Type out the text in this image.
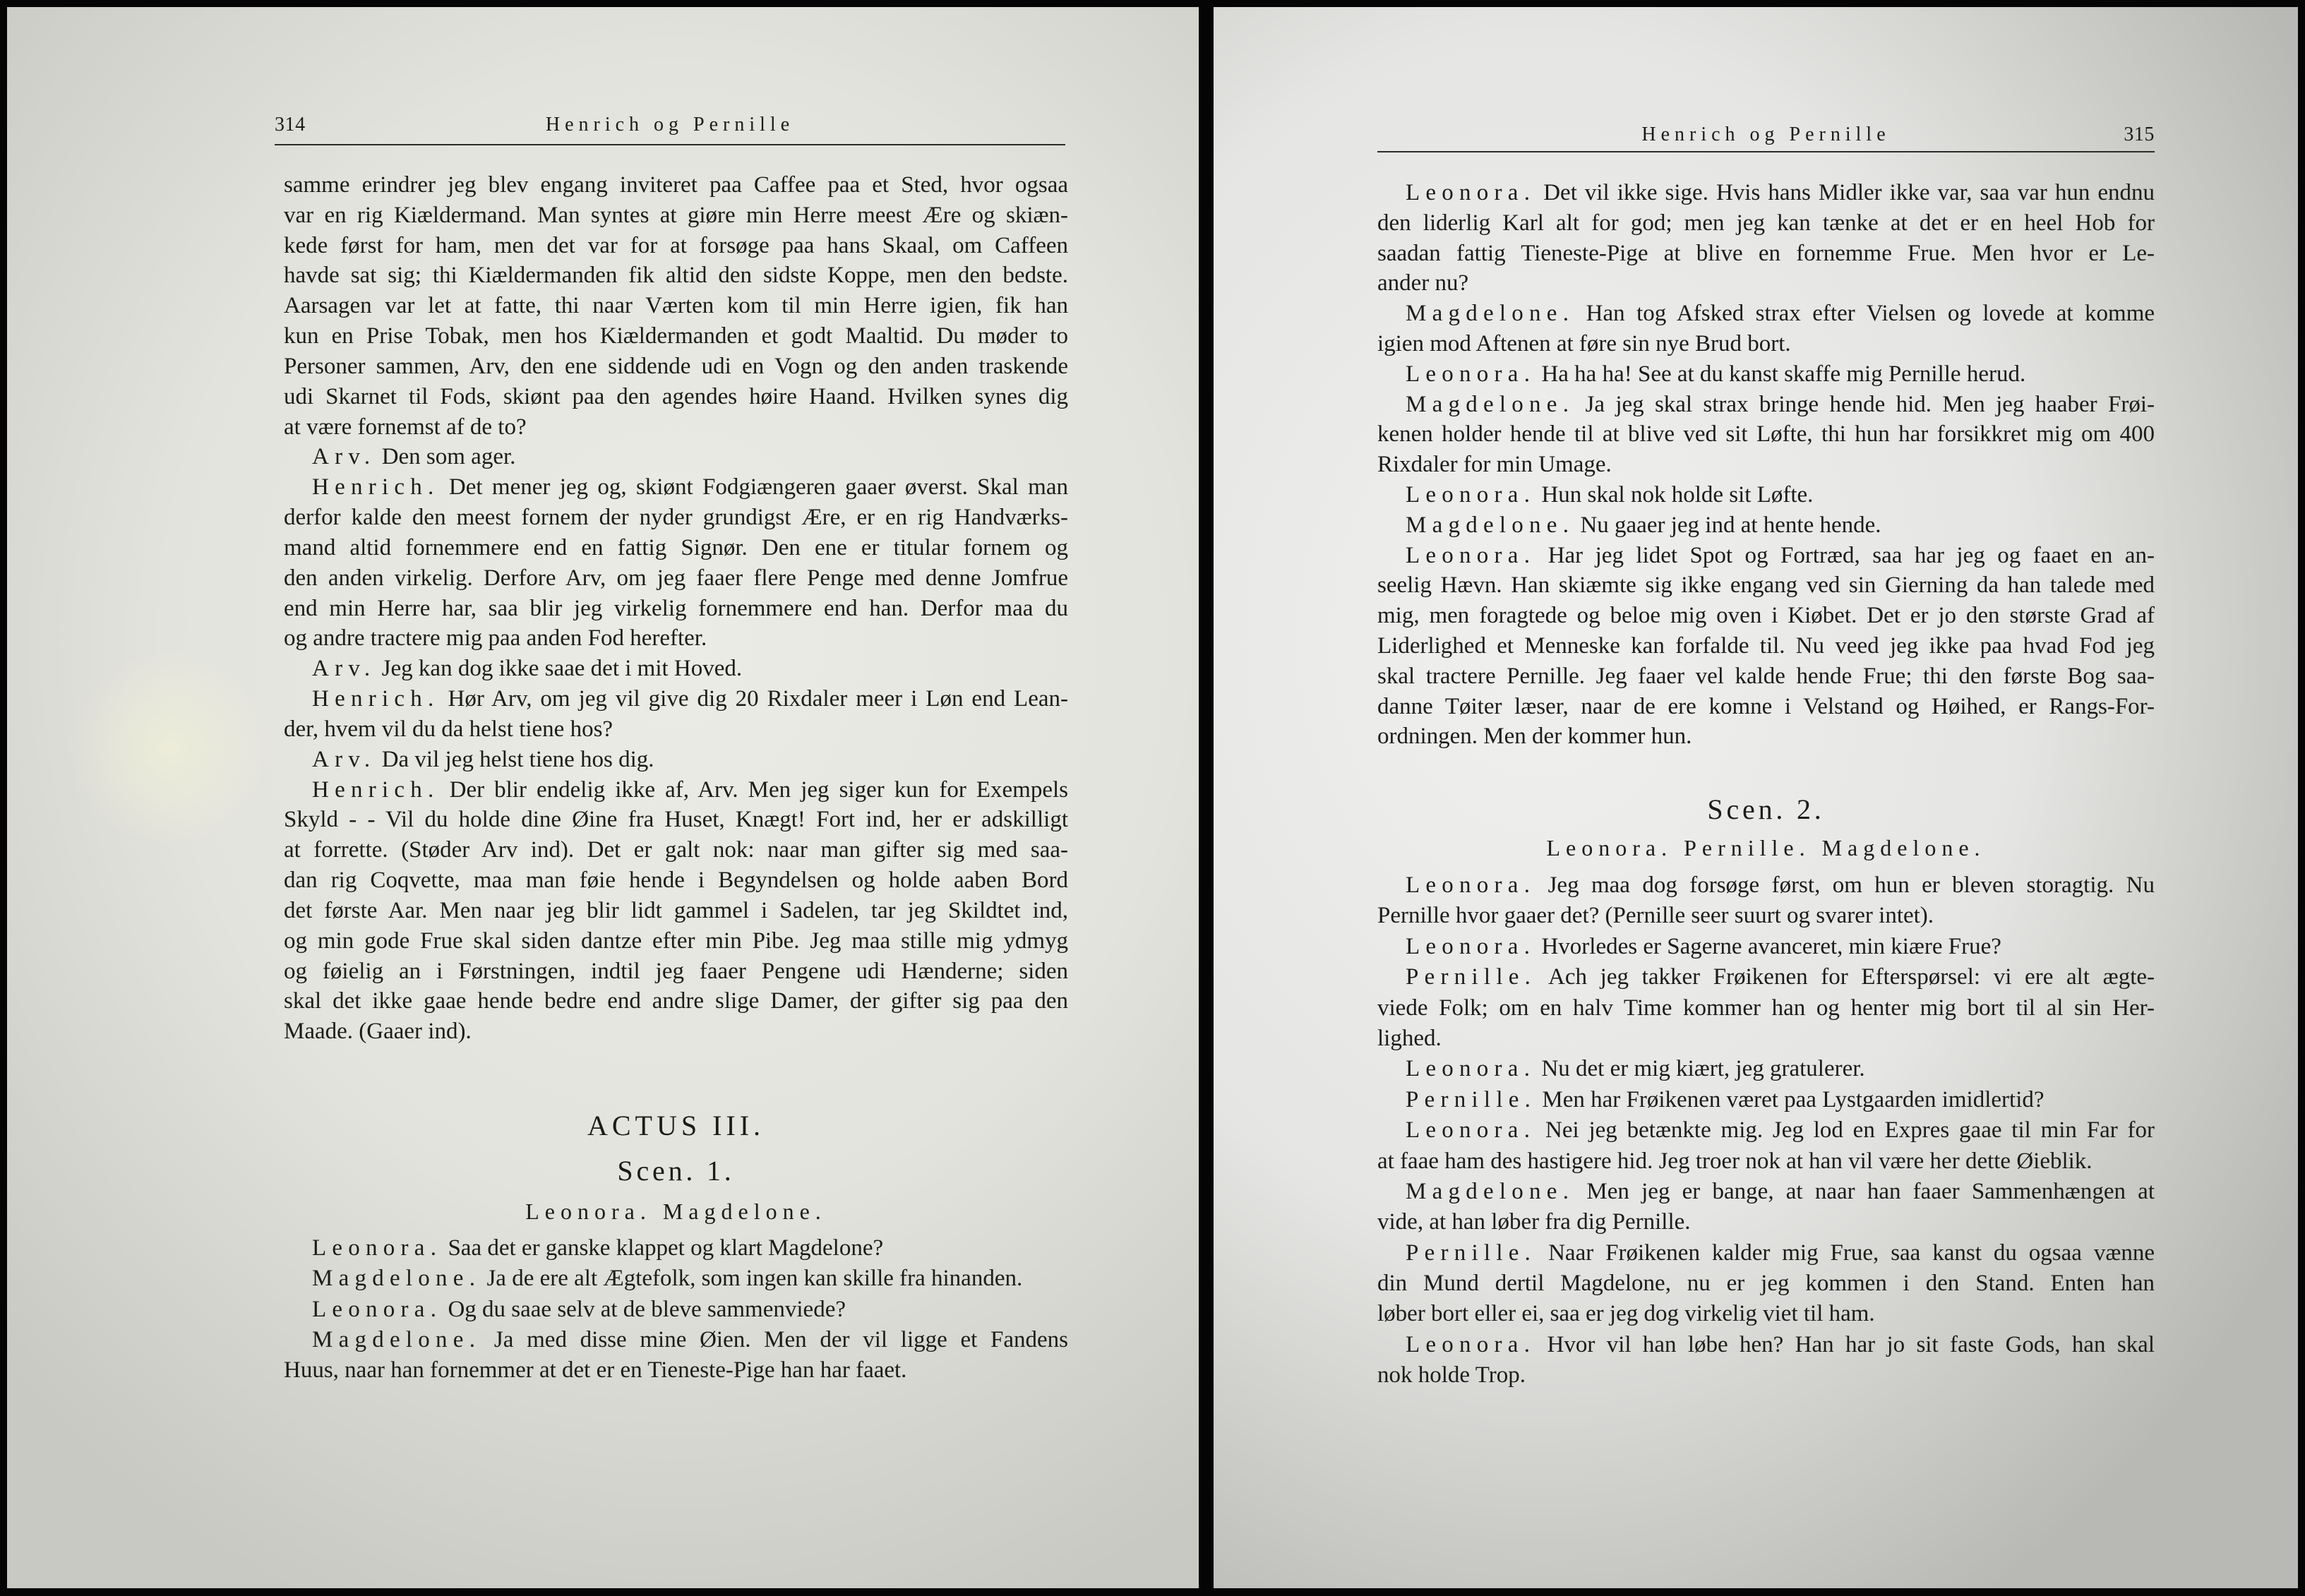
314	Henrich og Pernille
samme erindrer jeg blev engang inviteret paa Caffee paa et Sted, hvor ogsaa
var en rig Kiældermand. Man syntes at giøre min Herre meest Ære og skiæn-
kede først for ham, men det var for at forsøge paa hans Skaal, om Caffeen
havde sat sig; thi Kiældermanden fik altid den sidste Koppe, men den bedste.
Aarsagen var let at fatte, thi naar Værten kom til min Herre igien, fik han
kun en Prise Tobak, men hos Kiældermanden et godt Maaltid. Du møder to
Personer sammen, Arv, den ene siddende udi en Vogn og den anden traskende
udi Skarnet til Fods, skiønt paa den agendes høire Haand. Hvilken synes dig
at være fornemst af de to?
Arv. Den som ager.
Henrich. Det mener jeg og, skiønt Fodgiængeren gaaer øverst. Skal man
derfor kalde den meest fornem der nyder grundigst Ære, er en rig Handværks-
mand altid fornemmere end en fattig Signør. Den ene er titular fornem og
den anden virkelig. Derfore Arv, om jeg faaer flere Penge med denne Jomfrue
end min Herre har, saa blir jeg virkelig fornemmere end han. Derfor maa du
og andre tractere mig paa anden Fod herefter.
Arv. Jeg kan dog ikke saae det i mit Hoved.
Henrich. Hør Arv, om jeg vil give dig 20 Rixdaler meer i Løn end Lean-
der, hvem vil du da helst tiene hos?
Arv. Da vil jeg helst tiene hos dig.
Henrich. Der blir endelig ikke af, Arv. Men jeg siger kun for Exempels
Skyld - - Vil du holde dine Øine fra Huset, Knægt! Fort ind, her er adskilligt
at forrette. (Støder Arv ind). Det er galt nok: naar man gifter sig med saa-
dan rig Coqvette, maa man føie hende i Begyndelsen og holde aaben Bord
det første Aar. Men naar jeg blir lidt gammel i Sadelen, tar jeg Skildtet ind,
og min gode Frue skal siden dantze efter min Pibe. Jeg maa stille mig ydmyg
og føielig an i Førstningen, indtil jeg faaer Pengene udi Hænderne; siden
skal det ikke gaae hende bedre end andre slige Damer, der gifter sig paa den
Maade. (Gaaer ind).
ACTUS III.
Scen. 1.
Leonora. Magdelone.
Leonora. Saa det er ganske klappet og klart Magdelone?
Magdelone. Ja de ere alt Ægtefolk, som ingen kan skille fra hinanden.
Leonora. Og du saae selv at de bleve sammenviede?
Magdelone. Ja med disse mine Øien. Men der vil ligge et Fandens
Huus, naar han fornemmer at det er en Tieneste-Pige han har faaet.
Henrich og Pernille	315
Leonora. Det vil ikke sige. Hvis hans Midler ikke var, saa var hun endnu
den liderlig Karl alt for god; men jeg kan tænke at det er en heel Hob for
saadan fattig Tieneste-Pige at blive en fornemme Frue. Men hvor er Le-
ander nu?
Magdelone. Han tog Afsked strax efter Vielsen og lovede at komme
igien mod Aftenen at føre sin nye Brud bort.
Leonora. Ha ha ha! See at du kanst skaffe mig Pernille herud.
Magdelone. Ja jeg skal strax bringe hende hid. Men jeg haaber Frøi-
kenen holder hende til at blive ved sit Løfte, thi hun har forsikkret mig om 400
Rixdaler for min Umage.
Leonora. Hun skal nok holde sit Løfte.
Magdelone. Nu gaaer jeg ind at hente hende.
Leonora. Har jeg lidet Spot og Fortræd, saa har jeg og faaet en an-
seelig Hævn. Han skiæmte sig ikke engang ved sin Gierning da han talede med
mig, men foragtede og beloe mig oven i Kiøbet. Det er jo den største Grad af
Liderlighed et Menneske kan forfalde til. Nu veed jeg ikke paa hvad Fod jeg
skal tractere Pernille. Jeg faaer vel kalde hende Frue; thi den første Bog saa-
danne Tøiter læser, naar de ere komne i Velstand og Høihed, er Rangs-For-
ordningen. Men der kommer hun.
Scen. 2.
Leonora. Pernille. Magdelone.
Leonora. Jeg maa dog forsøge først, om hun er bleven storagtig. Nu
Pernille hvor gaaer det? (Pernille seer suurt og svarer intet).
Leonora. Hvorledes er Sagerne avanceret, min kiære Frue?
Pernille. Ach jeg takker Frøikenen for Efterspørsel: vi ere alt ægte-
viede Folk; om en halv Time kommer han og henter mig bort til al sin Her-
lighed.
Leonora. Nu det er mig kiært, jeg gratulerer.
Pernille. Men har Frøikenen været paa Lystgaarden imidlertid?
Leonora. Nei jeg betænkte mig. Jeg lod en Expres gaae til min Far for
at faae ham des hastigere hid. Jeg troer nok at han vil være her dette Øieblik.
Magdelone. Men jeg er bange, at naar han faaer Sammenhængen at
vide, at han løber fra dig Pernille.
Pernille. Naar Frøikenen kalder mig Frue, saa kanst du ogsaa vænne
din Mund dertil Magdelone, nu er jeg kommen i den Stand. Enten han
løber bort eller ei, saa er jeg dog virkelig viet til ham.
Leonora. Hvor vil han løbe hen? Han har jo sit faste Gods, han skal
nok holde Trop.
